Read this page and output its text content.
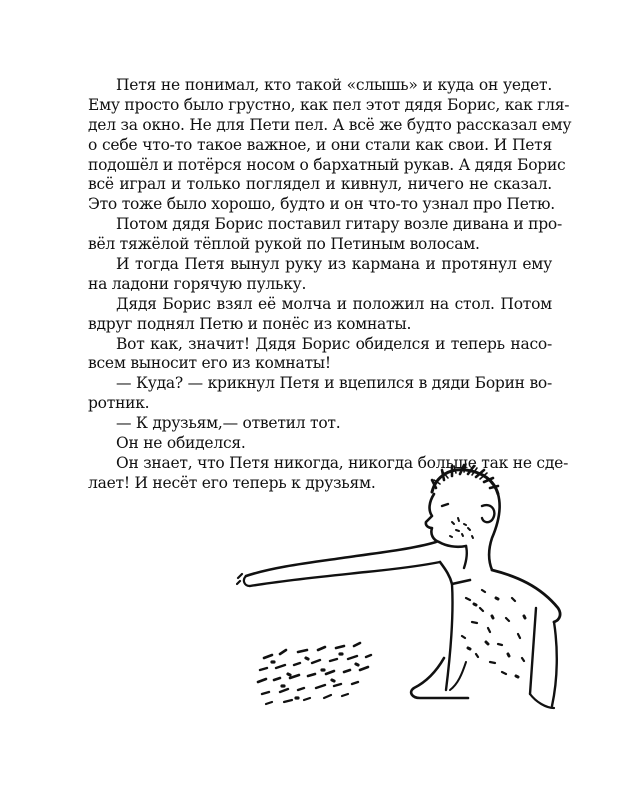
Петя не понимал, кто такой «слышь» и куда он уедет.
Ему просто было грустно, как пел этот дядя Борис, как гля-
дел за окно. Не для Пети пел. А всё же будто рассказал ему
о себе что-то такое важное, и они стали как свои. И Петя
подошёл и потёрся носом о бархатный рукав. А дядя Борис
всё играл и только поглядел и кивнул, ничего не сказал.
Это тоже было хорошо, будто и он что-то узнал про Петю.
Потом дядя Борис поставил гитару возле дивана и про-
вёл тяжёлой тёплой рукой по Петиным волосам.
И тогда Петя вынул руку из кармана и протянул ему
на ладони горячую пульку.
Дядя Борис взял её молча и положил на стол. Потом
вдруг поднял Петю и понёс из комнаты.
Вот как, значит! Дядя Борис обиделся и теперь насо-
всем выносит его из комнаты!
— Куда? — крикнул Петя и вцепился в дяди Борин во-
ротник.
— К друзьям,— ответил тот.
Он не обиделся.
Он знает, что Петя никогда, никогда больше так не сде-
лает! И несёт его теперь к друзьям.
